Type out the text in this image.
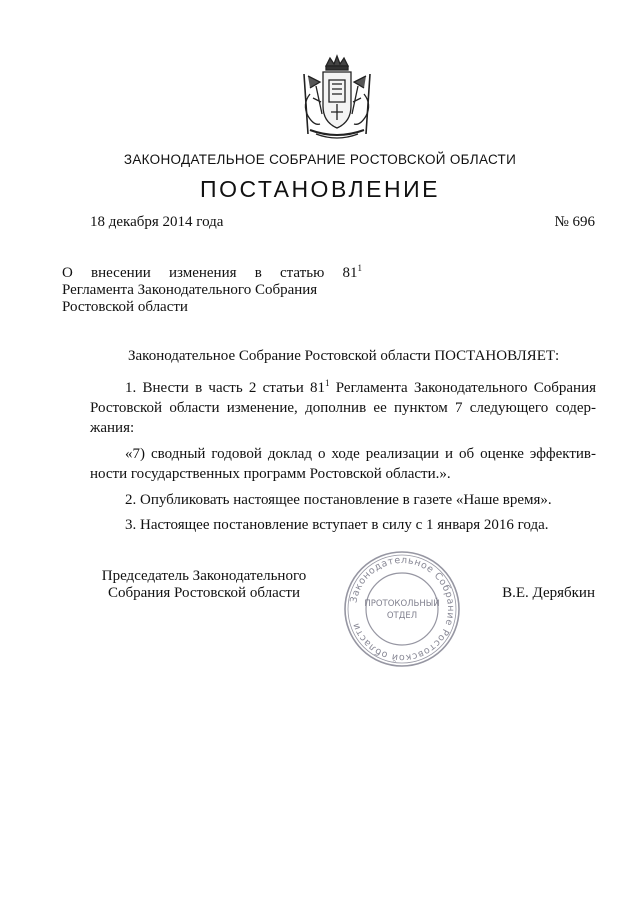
ЗАКОНОДАТЕЛЬНОЕ СОБРАНИЕ РОСТОВСКОЙ ОБЛАСТИ
ПОСТАНОВЛЕНИЕ
18 декабря 2014 года	№ 696
О внесении изменения в статью $81^1$
Регламента Законодательного Собрания
Ростовской области

Законодательное Собрание Ростовской области ПОСТАНОВЛЯЕТ:

1. Внести в часть 2 статьи $81^1$ Регламента Законодательного Собрания Ростовской области изменение, дополнив ее пунктом 7 следующего содер-жания:

«7) сводный годовой доклад о ходе реализации и об оценке эффектив-ности государственных программ Ростовской области.».

2. Опубликовать настоящее постановление в газете «Наше время».

3. Настоящее постановление вступает в силу с 1 января 2016 года.

Председатель Законодательного
Собрания Ростовской области	Законодательное Собрание Ростовской области
ПРОТОКОЛЬНЫЙ
ОТДЕЛ
В.Е. Дерябкин
